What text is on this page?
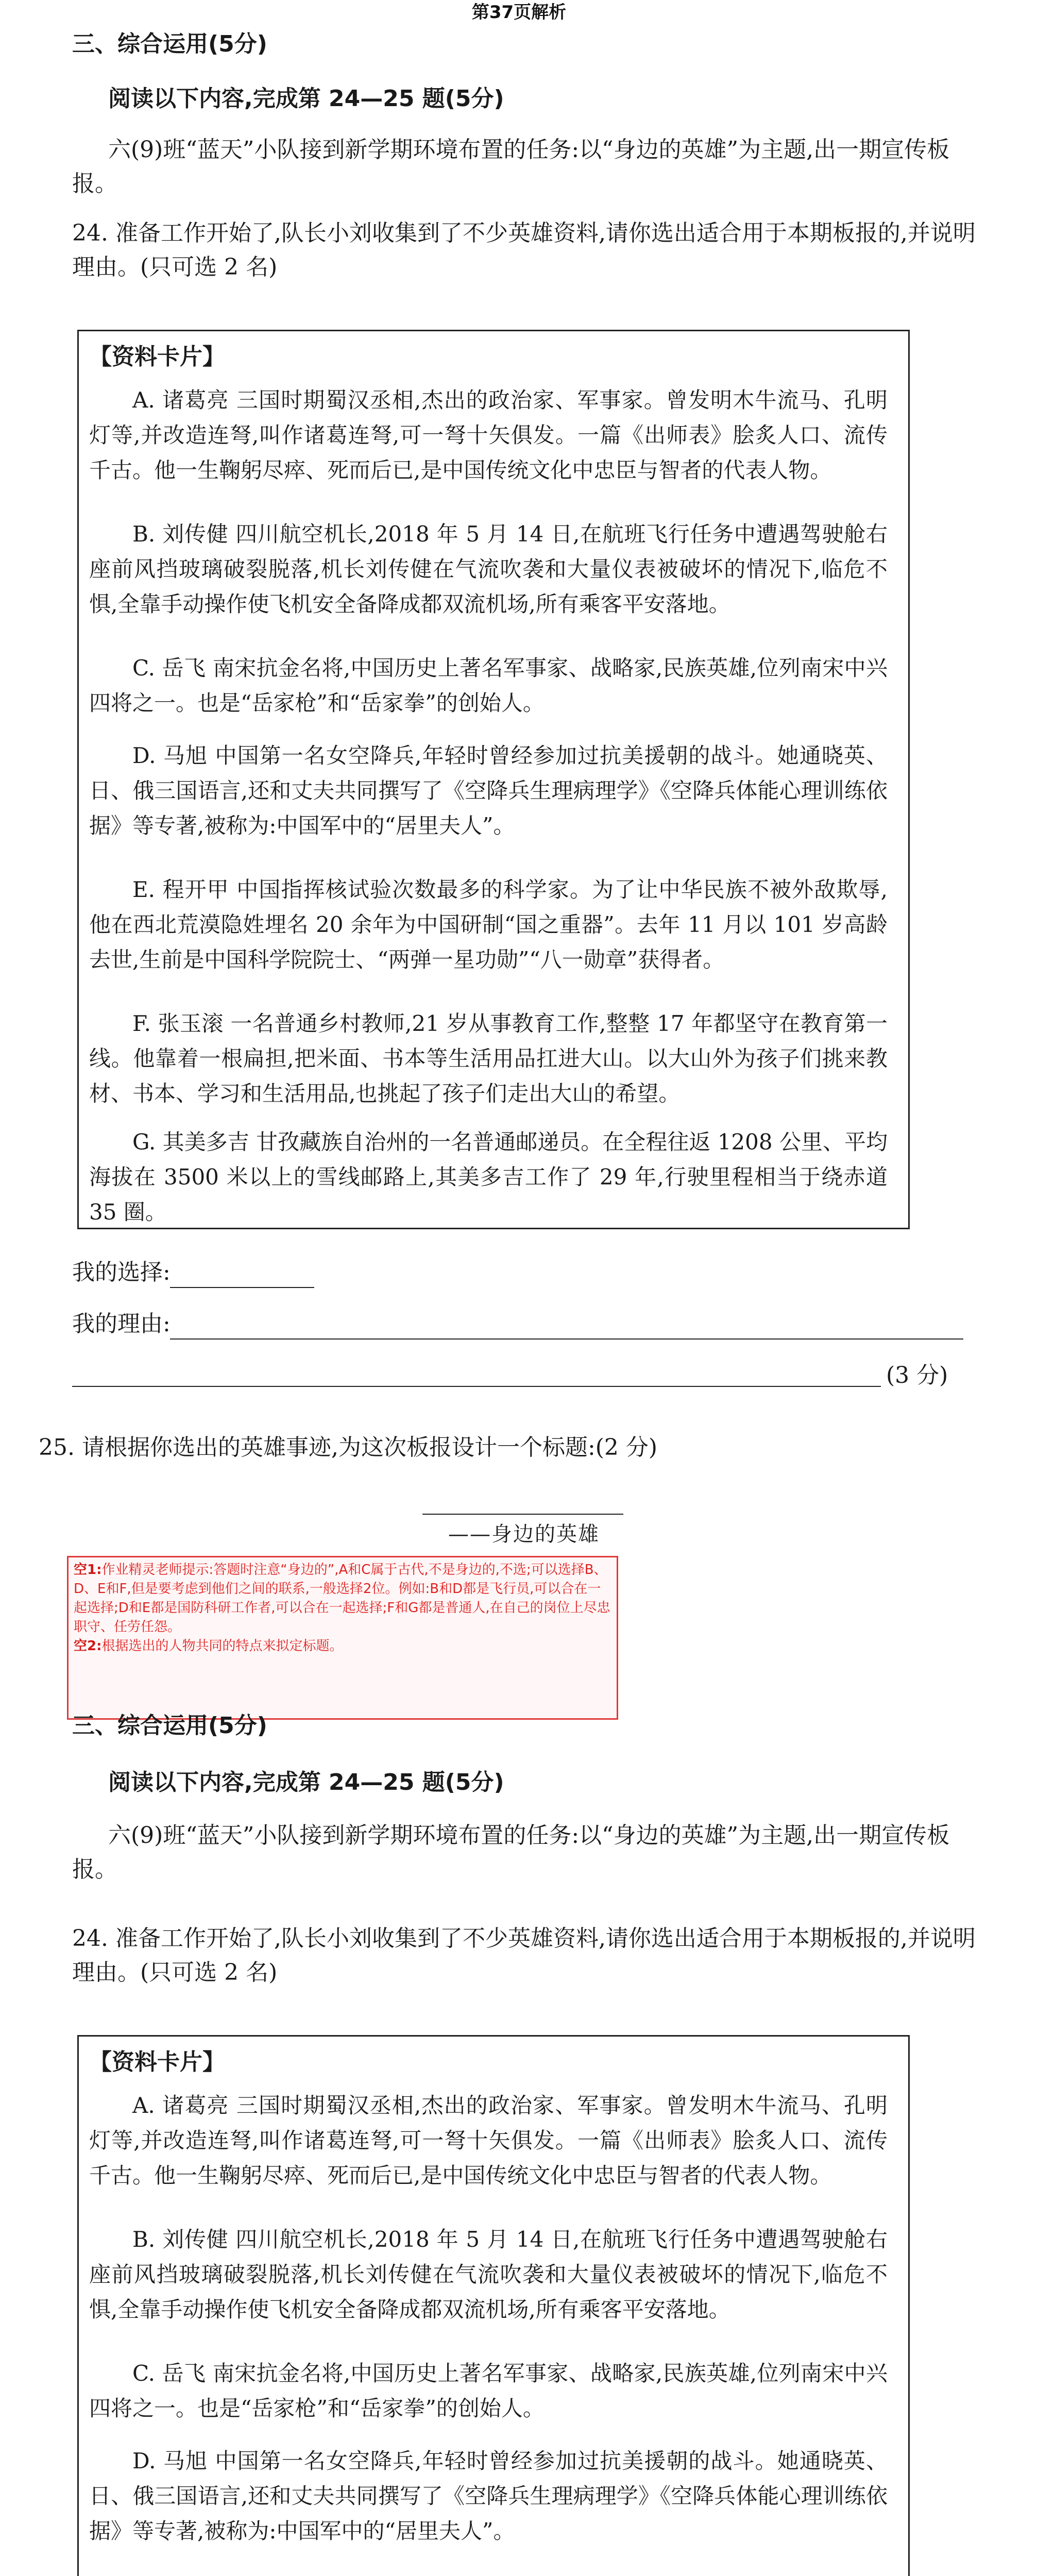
第37页解析
三、综合运用(5分)
阅读以下内容,完成第 24—25 题(5分)
六(9)班“蓝天”小队接到新学期环境布置的任务:以“身边的英雄”为主题,出一期宣传板报。
24. 准备工作开始了,队长小刘收集到了不少英雄资料,请你选出适合用于本期板报的,并说明理由。(只可选 2 名)
【资料卡片】
A. 诸葛亮 三国时期蜀汉丞相,杰出的政治家、军事家。曾发明木牛流马、孔明灯等,并改造连弩,叫作诸葛连弩,可一弩十矢俱发。一篇《出师表》脍炙人口、流传千古。他一生鞠躬尽瘁、死而后已,是中国传统文化中忠臣与智者的代表人物。
B. 刘传健 四川航空机长,2018 年 5 月 14 日,在航班飞行任务中遭遇驾驶舱右座前风挡玻璃破裂脱落,机长刘传健在气流吹袭和大量仪表被破坏的情况下,临危不惧,全靠手动操作使飞机安全备降成都双流机场,所有乘客平安落地。
C. 岳飞 南宋抗金名将,中国历史上著名军事家、战略家,民族英雄,位列南宋中兴四将之一。也是“岳家枪”和“岳家拳”的创始人。
D. 马旭 中国第一名女空降兵,年轻时曾经参加过抗美援朝的战斗。她通晓英、日、俄三国语言,还和丈夫共同撰写了《空降兵生理病理学》《空降兵体能心理训练依据》等专著,被称为:中国军中的“居里夫人”。
E. 程开甲 中国指挥核试验次数最多的科学家。为了让中华民族不被外敌欺辱,他在西北荒漠隐姓埋名 20 余年为中国研制“国之重器”。去年 11 月以 101 岁高龄去世,生前是中国科学院院士、“两弹一星功勋”“八一勋章”获得者。
F. 张玉滚 一名普通乡村教师,21 岁从事教育工作,整整 17 年都坚守在教育第一线。他靠着一根扁担,把米面、书本等生活用品扛进大山。以大山外为孩子们挑来教材、书本、学习和生活用品,也挑起了孩子们走出大山的希望。
G. 其美多吉 甘孜藏族自治州的一名普通邮递员。在全程往返 1208 公里、平均海拔在 3500 米以上的雪线邮路上,其美多吉工作了 29 年,行驶里程相当于绕赤道 35 圈。
我的选择:
我的理由:
(3 分)
25. 请根据你选出的英雄事迹,为这次板报设计一个标题:(2 分)
——身边的英雄

空1:作业精灵老师提示:答题时注意“身边的”,A和C属于古代,不是身边的,不选;可以选择B、D、E和F,但是要考虑到他们之间的联系,一般选择2位。例如:B和D都是飞行员,可以合在一起选择;D和E都是国防科研工作者,可以合在一起选择;F和G都是普通人,在自己的岗位上尽忠职守、任劳任怨。

空2:根据选出的人物共同的特点来拟定标题。

三、综合运用(5分)
阅读以下内容,完成第 24—25 题(5分)
六(9)班“蓝天”小队接到新学期环境布置的任务:以“身边的英雄”为主题,出一期宣传板报。
24. 准备工作开始了,队长小刘收集到了不少英雄资料,请你选出适合用于本期板报的,并说明理由。(只可选 2 名)
【资料卡片】
A. 诸葛亮 三国时期蜀汉丞相,杰出的政治家、军事家。曾发明木牛流马、孔明灯等,并改造连弩,叫作诸葛连弩,可一弩十矢俱发。一篇《出师表》脍炙人口、流传千古。他一生鞠躬尽瘁、死而后已,是中国传统文化中忠臣与智者的代表人物。
B. 刘传健 四川航空机长,2018 年 5 月 14 日,在航班飞行任务中遭遇驾驶舱右座前风挡玻璃破裂脱落,机长刘传健在气流吹袭和大量仪表被破坏的情况下,临危不惧,全靠手动操作使飞机安全备降成都双流机场,所有乘客平安落地。
C. 岳飞 南宋抗金名将,中国历史上著名军事家、战略家,民族英雄,位列南宋中兴四将之一。也是“岳家枪”和“岳家拳”的创始人。
D. 马旭 中国第一名女空降兵,年轻时曾经参加过抗美援朝的战斗。她通晓英、日、俄三国语言,还和丈夫共同撰写了《空降兵生理病理学》《空降兵体能心理训练依据》等专著,被称为:中国军中的“居里夫人”。
